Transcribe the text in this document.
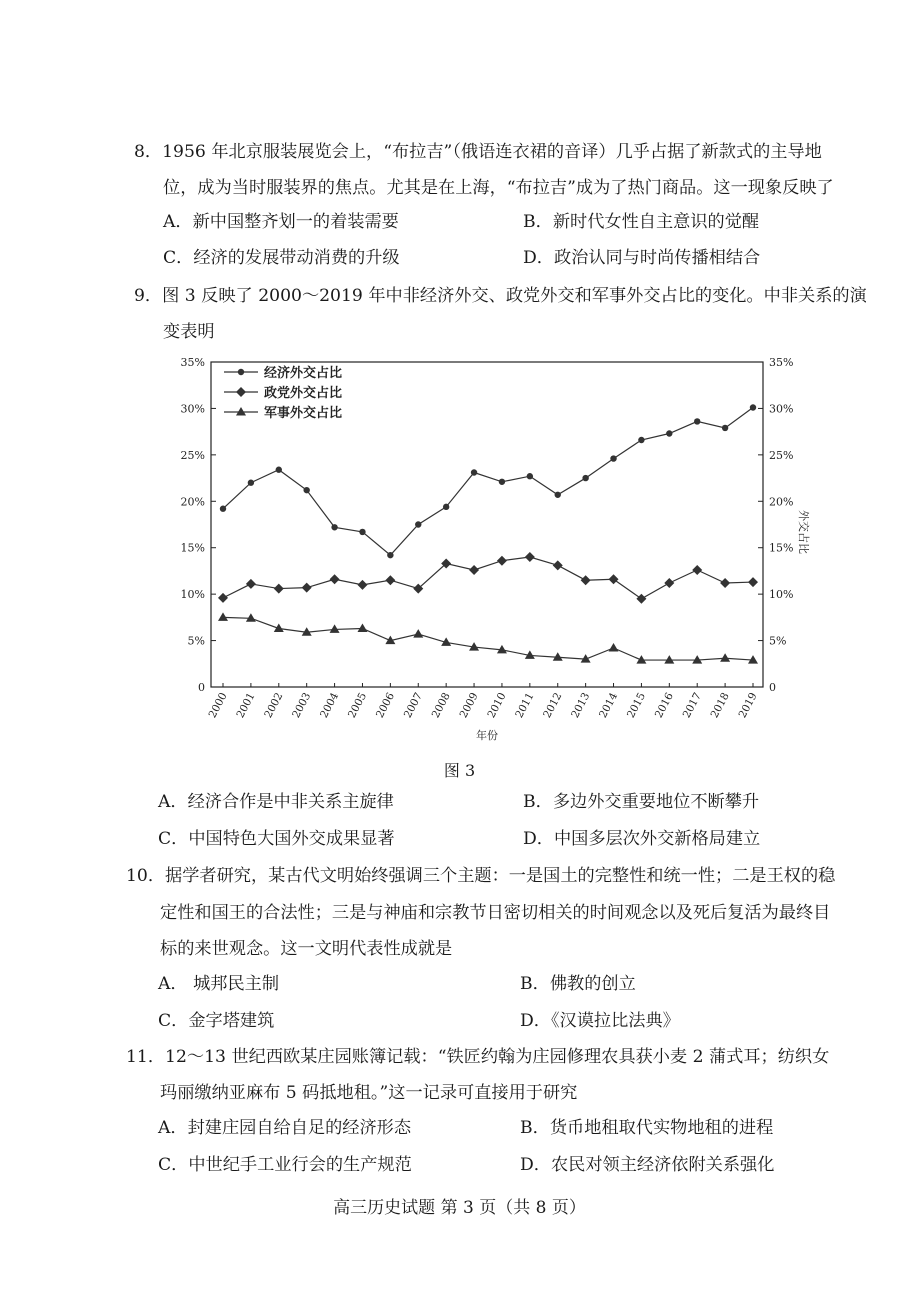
8．1956 年北京服装展览会上，“布拉吉”（俄语连衣裙的音译）几乎占据了新款式的主导地
位，成为当时服装界的焦点。尤其是在上海，“布拉吉”成为了热门商品。这一现象反映了
A．新中国整齐划一的着装需要	B．新时代女性自主意识的觉醒
C．经济的发展带动消费的升级	D．政治认同与时尚传播相结合
9．图 3 反映了 2000～2019 年中非经济外交、政党外交和军事外交占比的变化。中非关系的演
变表明
0	0
5%	5%
10%	10%
15%	15%
20%	20%
25%	25%
30%	30%
35%	35%
2000 2001 2002 2003 2004 2005 2006 2007 2008 2009 2010 2011 2012 2013 2014 2015 2016 2017 2018 2019
年份
外交占比
经济外交占比
政党外交占比
军事外交占比
图 3
A．经济合作是中非关系主旋律	B．多边外交重要地位不断攀升
C．中国特色大国外交成果显著	D．中国多层次外交新格局建立
10．据学者研究，某古代文明始终强调三个主题：一是国土的完整性和统一性；二是王权的稳
定性和国王的合法性；三是与神庙和宗教节日密切相关的时间观念以及死后复活为最终目
标的来世观念。这一文明代表性成就是
A． 城邦民主制	B．佛教的创立
C．金字塔建筑	D．《汉谟拉比法典》
11．12～13 世纪西欧某庄园账簿记载：“铁匠约翰为庄园修理农具获小麦 2 蒲式耳；纺织女
玛丽缴纳亚麻布 5 码抵地租。”这一记录可直接用于研究
A．封建庄园自给自足的经济形态	B．货币地租取代实物地租的进程
C．中世纪手工业行会的生产规范	D．农民对领主经济依附关系强化
高三历史试题 第 3 页（共 8 页）
